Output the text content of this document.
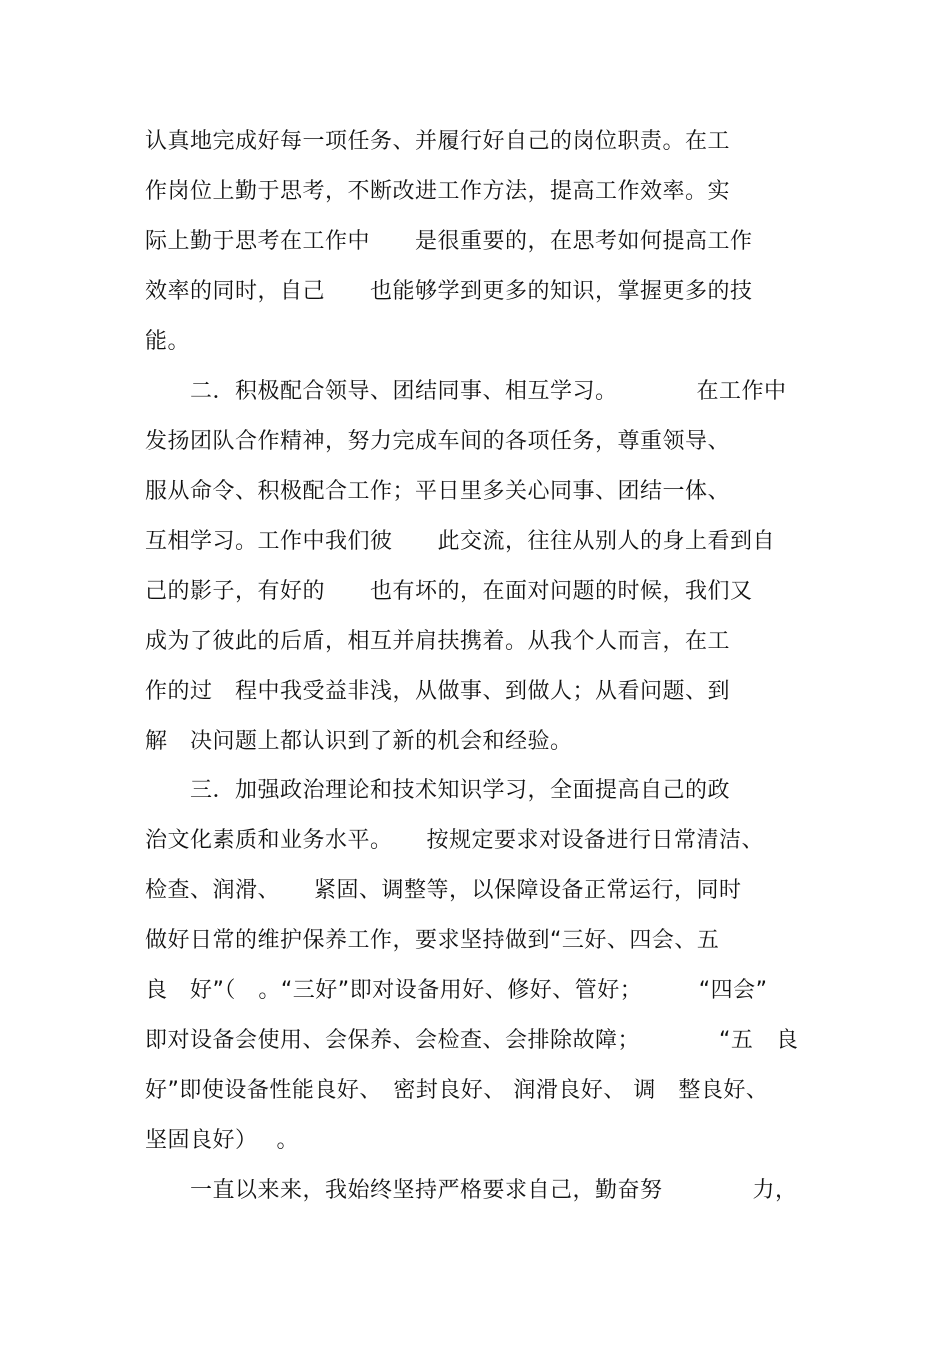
认真地完成好每一项任务、并履行好自己的岗位职责。在工

作岗位上勤于思考，不断改进工作方法，提高工作效率。实

际上勤于思考在工作中　　是很重要的，在思考如何提高工作

效率的同时，自己　　也能够学到更多的知识，掌握更多的技

能。

　　二．积极配合领导、团结同事、相互学习。　　　　在工作中

发扬团队合作精神，努力完成车间的各项任务，尊重领导、

服从命令、积极配合工作；平日里多关心同事、团结一体、

互相学习。工作中我们彼　　此交流，往往从别人的身上看到自

己的影子，有好的　　也有坏的，在面对问题的时候，我们又

成为了彼此的后盾，相互并肩扶携着。从我个人而言，在工

作的过　程中我受益非浅，从做事、到做人；从看问题、到

解　决问题上都认识到了新的机会和经验。

　　三．加强政治理论和技术知识学习，全面提高自己的政

治文化素质和业务水平。　　按规定要求对设备进行日常清洁、

检查、润滑、　　紧固、调整等，以保障设备正常运行，同时

做好日常的维护保养工作，要求坚持做到“三好、四会、五

良　好”（　。“三好”即对设备用好、修好、管好；　　　“四会”

即对设备会使用、会保养、会检查、会排除故障；　　　　“五　良

好”即使设备性能良好、　密封良好、 润滑良好、 调　整良好、

坚固良好）　 。

　　一直以来来，我始终坚持严格要求自己，勤奋努　　　　力，
